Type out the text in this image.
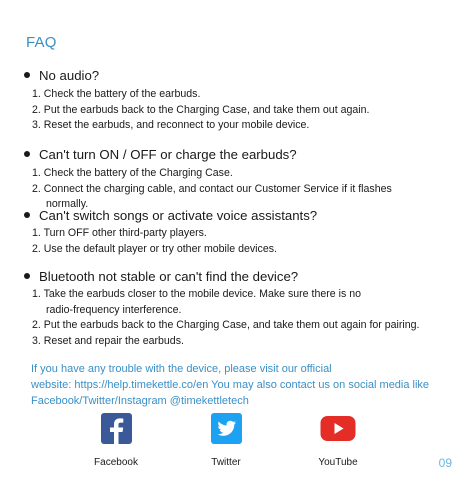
FAQ
No audio?
1. Check the battery of the earbuds.
2. Put the earbuds back to the Charging Case, and take them out again.
3. Reset the earbuds, and reconnect to your mobile device.
Can't turn ON / OFF or charge the earbuds?
1. Check the battery of the Charging Case.
2. Connect the charging cable, and contact our Customer Service if it flashes
normally.
Can't switch songs or activate voice assistants?
1. Turn OFF other third-party players.
2. Use the default player or try other mobile devices.
Bluetooth not stable or can't find the device?
1. Take the earbuds closer to the mobile device. Make sure there is no
radio-frequency interference.
2. Put the earbuds back to the Charging Case, and take them out again for pairing.
3. Reset and repair the earbuds.
If you have any trouble with the device, please visit our official
website: https://help.timekettle.co/en You may also contact us on social media like
Facebook/Twitter/Instagram @timekettletech
Facebook	Twitter	YouTube	09
